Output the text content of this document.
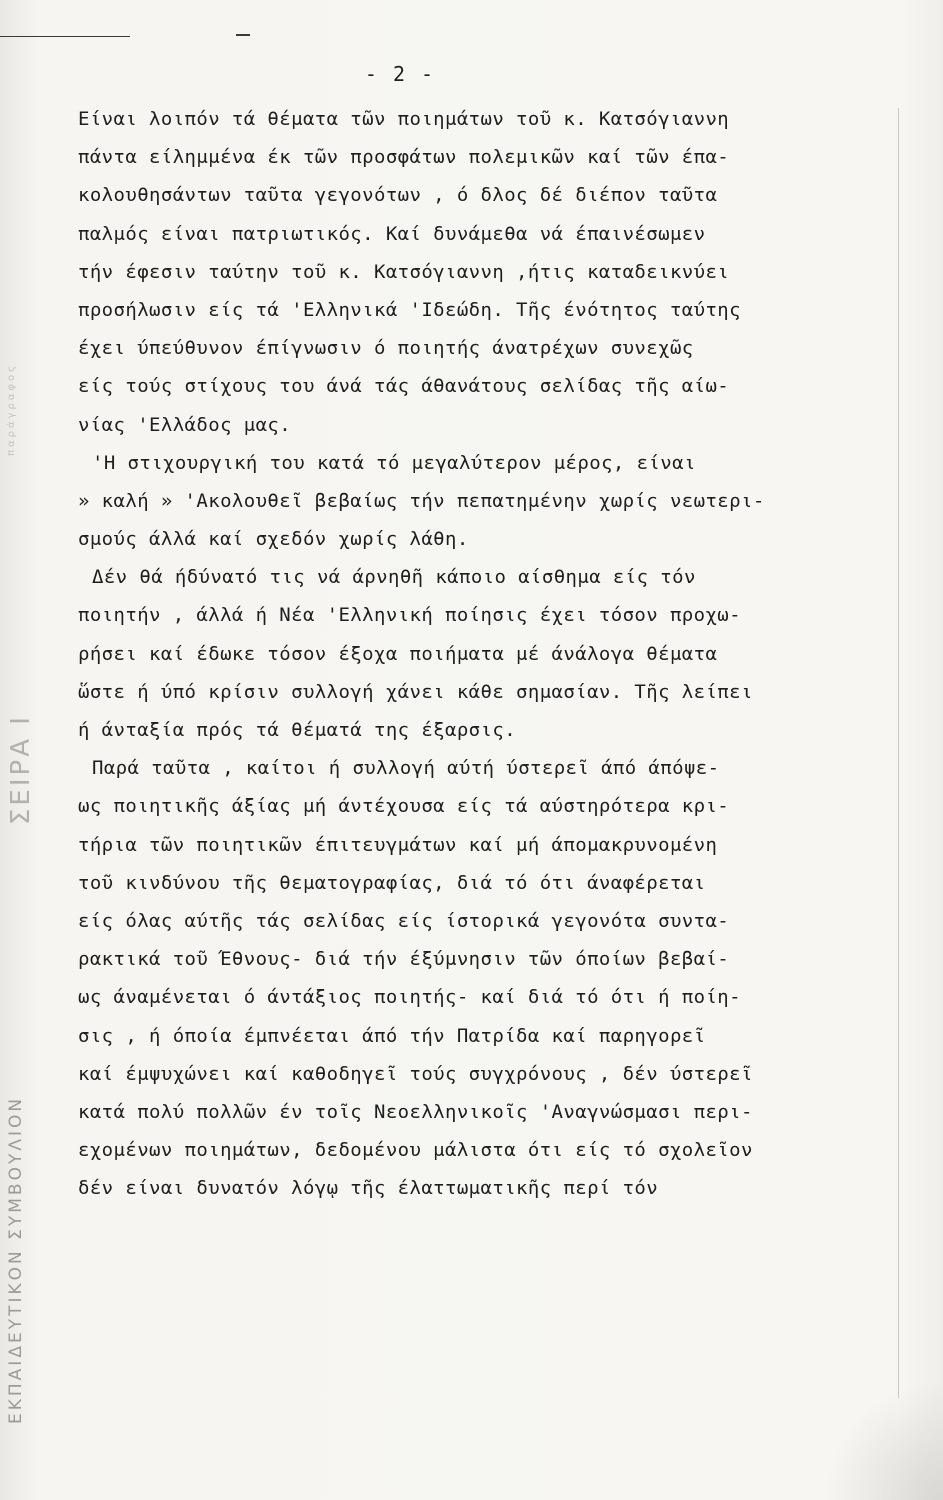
- 2 -
Είναι λοιπόν τά θέματα τῶν ποιημάτων τοῦ κ. Κατσόγιαννη
πάντα είλημμένα έκ τῶν προσφάτων πολεμικῶν καί τῶν έπα-
κολουθησάντων ταῦτα γεγονότων , ό δλος δέ διέπον ταῦτα
παλμός είναι πατριωτικός. Καί δυνάμεθα νά έπαινέσωμεν
τήν έφεσιν ταύτην τοῦ κ. Κατσόγιαννη ,ήτις καταδεικνύει
προσήλωσιν είς τά 'Ελληνικά 'Ιδεώδη. Τῆς ένότητος ταύτης
έχει ύπεύθυνον έπίγνωσιν ό ποιητής άνατρέχων συνεχῶς
είς τούς στίχους του άνά τάς άθανάτους σελίδας τῆς αίω-
νίας 'Ελλάδος μας.
'Η στιχουργική του κατά τό μεγαλύτερον μέρος, είναι
» καλή » 'Ακολουθεῖ βεβαίως τήν πεπατημένην χωρίς νεωτερι-
σμούς άλλά καί σχεδόν χωρίς λάθη.
Δέν θά ήδύνατό τις νά άρνηθῆ κάποιο αίσθημα είς τόν
ποιητήν , άλλά ή Νέα 'Ελληνική ποίησις έχει τόσον προχω-
ρήσει καί έδωκε τόσον έξοχα ποιήματα μέ άνάλογα θέματα
ὥστε ή ύπό κρίσιν συλλογή χάνει κάθε σημασίαν. Τῆς λείπει
ή άνταξία πρός τά θέματά της έξαρσις.
Παρά ταῦτα , καίτοι ή συλλογή αύτή ύστερεῖ άπό άπόψε-
ως ποιητικῆς άξίας μή άντέχουσα είς τά αύστηρότερα κρι-
τήρια τῶν ποιητικῶν έπιτευγμάτων καί μή άπομακρυνομένη
τοῦ κινδύνου τῆς θεματογραφίας, διά τό ότι άναφέρεται
είς όλας αύτῆς τάς σελίδας είς ίστορικά γεγονότα συντα-
ρακτικά τοῦ Έθνους- διά τήν έξύμνησιν τῶν όποίων βεβαί-
ως άναμένεται ό άντάξιος ποιητής- καί διά τό ότι ή ποίη-
σις , ή όποία έμπνέεται άπό τήν Πατρίδα καί παρηγορεῖ
καί έμψυχώνει καί καθοδηγεῖ τούς συγχρόνους , δέν ύστερεῖ
κατά πολύ πολλῶν έν τοῖς Νεοελληνικοῖς 'Αναγνώσμασι περι-
εχομένων ποιημάτων, δεδομένου μάλιστα ότι είς τό σχολεῖον
δέν είναι δυνατόν λόγῳ τῆς έλαττωματικῆς περί τόν
ΕΚΠΑΙΔΕΥΤΙΚΟΝ ΣΥΜΒΟΥΛΙΟΝ
ΣΕΙΡΑ Ι
παράγραφος
